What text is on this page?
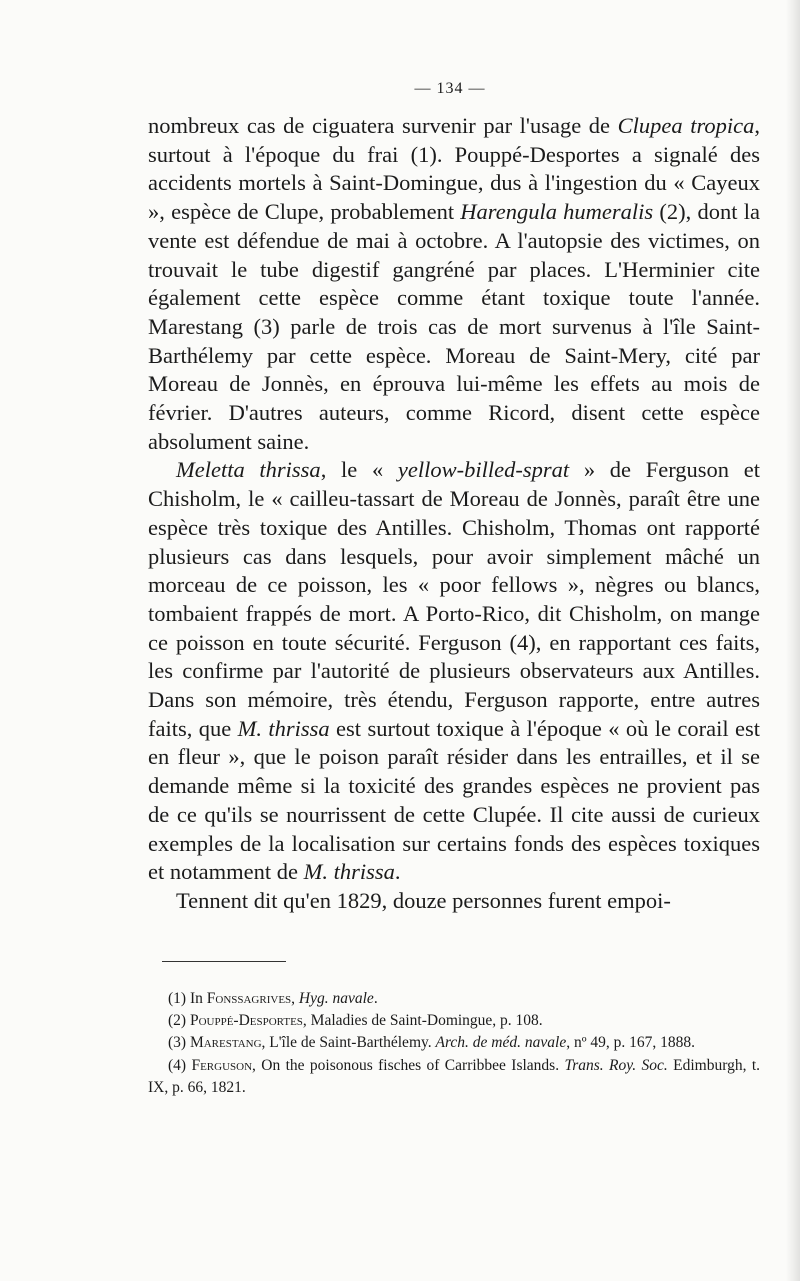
— 134 —

nombreux cas de ciguatera survenir par l'usage de Clupea tropica, surtout à l'époque du frai (1). Pouppé-Desportes a signalé des accidents mortels à Saint-Domingue, dus à l'ingestion du « Cayeux », espèce de Clupe, probablement Harengula humeralis (2), dont la vente est défendue de mai à octobre. A l'autopsie des victimes, on trouvait le tube digestif gangréné par places. L'Herminier cite également cette espèce comme étant toxique toute l'année. Marestang (3) parle de trois cas de mort survenus à l'île Saint-Barthélemy par cette espèce. Moreau de Saint-Mery, cité par Moreau de Jonnès, en éprouva lui-même les effets au mois de février. D'autres auteurs, comme Ricord, disent cette espèce absolument saine.

Meletta thrissa, le « yellow-billed-sprat » de Ferguson et Chisholm, le « cailleu-tassart de Moreau de Jonnès, paraît être une espèce très toxique des Antilles. Chisholm, Thomas ont rapporté plusieurs cas dans lesquels, pour avoir simplement mâché un morceau de ce poisson, les « poor fellows », nègres ou blancs, tombaient frappés de mort. A Porto-Rico, dit Chisholm, on mange ce poisson en toute sécurité. Ferguson (4), en rapportant ces faits, les confirme par l'autorité de plusieurs observateurs aux Antilles. Dans son mémoire, très étendu, Ferguson rapporte, entre autres faits, que M. thrissa est surtout toxique à l'époque « où le corail est en fleur », que le poison paraît résider dans les entrailles, et il se demande même si la toxicité des grandes espèces ne provient pas de ce qu'ils se nourrissent de cette Clupée. Il cite aussi de curieux exemples de la localisation sur certains fonds des espèces toxiques et notamment de M. thrissa.

Tennent dit qu'en 1829, douze personnes furent empoi-

(1) In Fonssagrives, Hyg. navale.

(2) Pouppé-Desportes, Maladies de Saint-Domingue, p. 108.

(3) Marestang, L'île de Saint-Barthélemy. Arch. de méd. navale, nº 49, p. 167, 1888.

(4) Ferguson, On the poisonous fisches of Carribbee Islands. Trans. Roy. Soc. Edimburgh, t. IX, p. 66, 1821.
